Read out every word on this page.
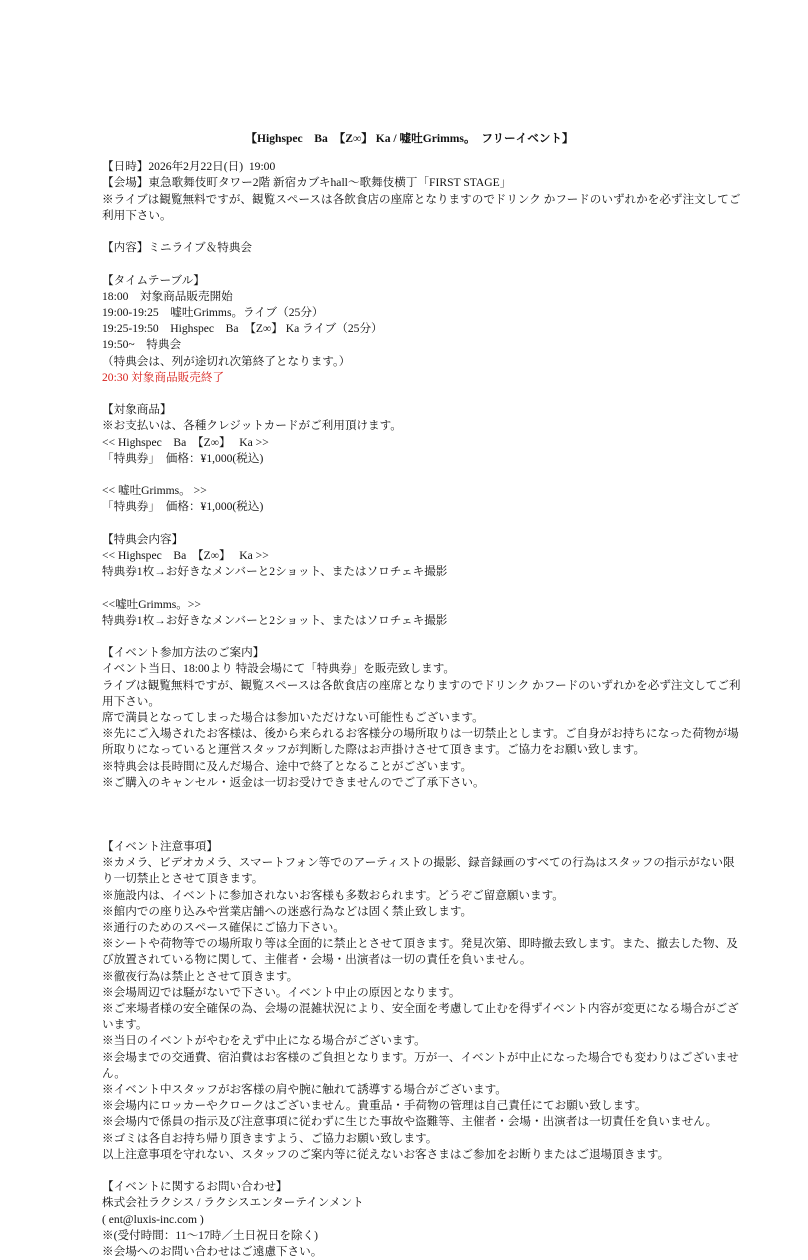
【Highspec　Ba　【Z∞】 Ka / 嘘吐Grimms。　フリーイベント】
【日時】2026年2月22日(日)  19:00
【会場】東急歌舞伎町タワー2階 新宿カブキhall〜歌舞伎横丁「FIRST STAGE」
※ライブは観覧無料ですが、観覧スペースは各飲食店の座席となりますのでドリンク かフードのいずれかを必ず注文してご利用下さい。
【内容】ミニライブ＆特典会
【タイムテーブル】
18:00　対象商品販売開始
19:00-19:25　嘘吐Grimms。ライブ（25分）
19:25-19:50　Highspec　Ba　【Z∞】 Ka ライブ（25分）
19:50~　特典会
（特典会は、列が途切れ次第終了となります。）
20:30 対象商品販売終了
【対象商品】
※お支払いは、各種クレジットカードがご利用頂けます。
<< Highspec　Ba　【Z∞】　 Ka >>
「特典券」　価格：¥1,000(税込)
<< 嘘吐Grimms。 >>
「特典券」　価格：¥1,000(税込)
【特典会内容】
<< Highspec　Ba　【Z∞】　 Ka >>
特典券1枚→お好きなメンバーと2ショット、またはソロチェキ撮影
<<嘘吐Grimms。>>
特典券1枚→お好きなメンバーと2ショット、またはソロチェキ撮影
【イベント参加方法のご案内】
イベント当日、18:00より 特設会場にて「特典券」を販売致します。
ライブは観覧無料ですが、観覧スペースは各飲食店の座席となりますのでドリンク かフードのいずれかを必ず注文してご利用下さい。
席で満員となってしまった場合は参加いただけない可能性もございます。
※先にご入場されたお客様は、後から来られるお客様分の場所取りは一切禁止とします。ご自身がお持ちになった荷物が場所取りになっていると運営スタッフが判断した際はお声掛けさせて頂きます。ご協力をお願い致します。
※特典会は長時間に及んだ場合、途中で終了となることがございます。
※ご購入のキャンセル・返金は一切お受けできませんのでご了承下さい。
【イベント注意事項】
※カメラ、ビデオカメラ、スマートフォン等でのアーティストの撮影、録音録画のすべての行為はスタッフの指示がない限り一切禁止とさせて頂きます。
※施設内は、イベントに参加されないお客様も多数おられます。どうぞご留意願います。
※館内での座り込みや営業店舗への迷惑行為などは固く禁止致します。
※通行のためのスペース確保にご協力下さい。
※シートや荷物等での場所取り等は全面的に禁止とさせて頂きます。発見次第、即時撤去致します。また、撤去した物、及び放置されている物に関して、主催者・会場・出演者は一切の責任を負いません。
※徹夜行為は禁止とさせて頂きます。
※会場周辺では騒がないで下さい。イベント中止の原因となります。
※ご来場者様の安全確保の為、会場の混雑状況により、安全面を考慮して止むを得ずイベント内容が変更になる場合がございます。
※当日のイベントがやむをえず中止になる場合がございます。
※会場までの交通費、宿泊費はお客様のご負担となります。万が一、イベントが中止になった場合でも変わりはございません。
※イベント中スタッフがお客様の肩や腕に触れて誘導する場合がございます。
※会場内にロッカーやクロークはございません。貴重品・手荷物の管理は自己責任にてお願い致します。
※会場内で係員の指示及び注意事項に従わずに生じた事故や盗難等、主催者・会場・出演者は一切責任を負いません。
※ゴミは各自お持ち帰り頂きますよう、ご協力お願い致します。
以上注意事項を守れない、スタッフのご案内等に従えないお客さまはご参加をお断りまたはご退場頂きます。
【イベントに関するお問い合わせ】
株式会社ラクシス / ラクシスエンターテインメント
( ent@luxis-inc.com )
※(受付時間：11〜17時／土日祝日を除く)
※会場へのお問い合わせはご遠慮下さい。
